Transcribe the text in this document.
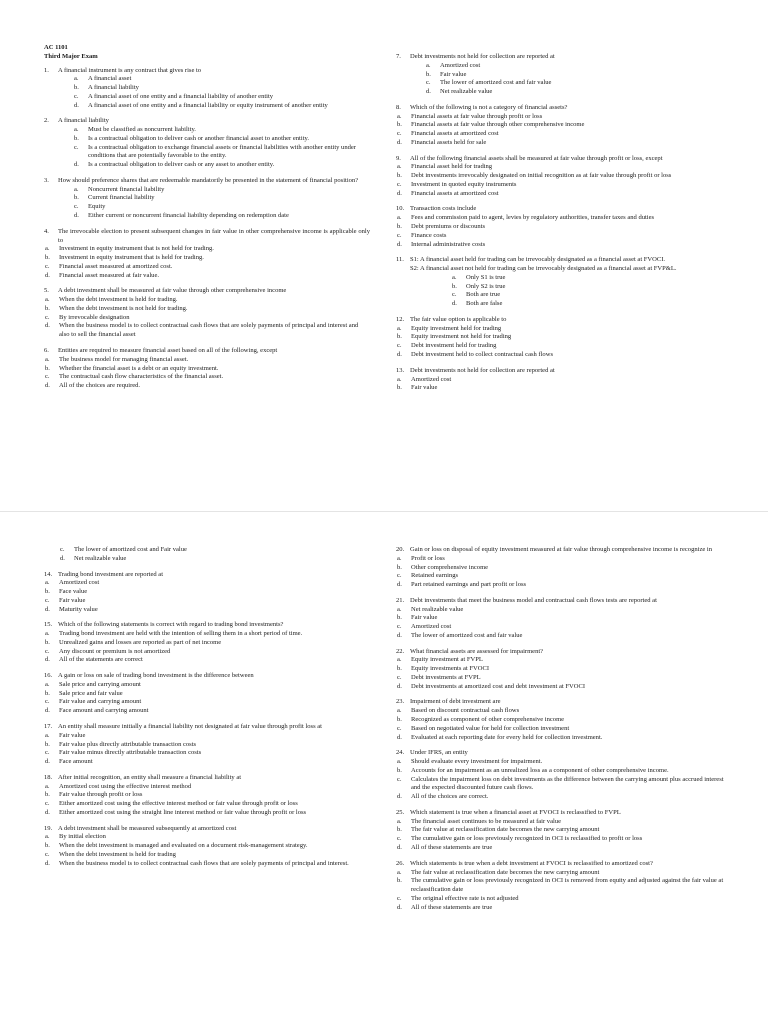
AC 1101
Third Major Exam
1. A financial instrument is any contract that gives rise to
a. A financial asset
b. A financial liability
c. A financial asset of one entity and a financial liability of another entity
d. A financial asset of one entity and a financial liability or equity instrument of another entity
2. A financial liability
a. Must be classified as noncurrent liability.
b. Is a contractual obligation to deliver cash or another financial asset to another entity.
c. Is a contractual obligation to exchange financial assets or financial liabilities with another entity under conditions that are potentially favorable to the entity.
d. Is a contractual obligation to deliver cash or any asset to another entity.
3. How should preference shares that are redeemable mandatorily be presented in the statement of financial position?
a. Noncurrent financial liability
b. Current financial liability
c. Equity
d. Either current or noncurrent financial liability depending on redemption date
4. The irrevocable election to present subsequent changes in fair value in other comprehensive income is applicable only to
a. Investment in equity instrument that is not held for trading.
b. Investment in equity instrument that is held for trading.
c. Financial asset measured at amortized cost.
d. Financial asset measured at fair value.
5. A debt investment shall be measured at fair value through other comprehensive income
a. When the debt investment is held for trading.
b. When the debt investment is not held for trading.
c. By irrevocable designation
d. When the business model is to collect contractual cash flows that are solely payments of principal and interest and also to sell the financial asset
6. Entities are required to measure financial asset based on all of the following, except
a. The business model for managing financial asset.
b. Whether the financial asset is a debt or an equity investment.
c. The contractual cash flow characteristics of the financial asset.
d. All of the choices are required.
7. Debt investments not held for collection are reported at
a. Amortized cost
b. Fair value
c. The lower of amortized cost and fair value
d. Net realizable value
8. Which of the following is not a category of financial assets?
a. Financial assets at fair value through profit or loss
b. Financial assets at fair value through other comprehensive income
c. Financial assets at amortized cost
d. Financial assets held for sale
9. All of the following financial assets shall be measured at fair value through profit or loss, except
a. Financial asset held for trading
b. Debt investments irrevocably designated on initial recognition as at fair value through profit or loss
c. Investment in quoted equity instruments
d. Financial assets at amortized cost
10. Transaction costs include
a. Fees and commission paid to agent, levies by regulatory authorities, transfer taxes and duties
b. Debt premiums or discounts
c. Finance costs
d. Internal administrative costs
11. S1: A financial asset held for trading can be irrevocably designated as a financial asset at FVOCI.
S2: A financial asset not held for trading can be irrevocably designated as a financial asset at FVP&L.
a. Only S1 is true
b. Only S2 is true
c. Both are true
d. Both are false
12. The fair value option is applicable to
a. Equity investment held for trading
b. Equity investment not held for trading
c. Debt investment held for trading
d. Debt investment held to collect contractual cash flows
13. Debt investments not held for collection are reported at
a. Amortized cost
b. Fair value
c. The lower of amortized cost and Fair value
d. Net realizable value
14. Trading bond investment are reported at
a. Amortized cost
b. Face value
c. Fair value
d. Maturity value
15. Which of the following statements is correct with regard to trading bond investments?
a. Trading bond investment are held with the intention of selling them in a short period of time.
b. Unrealized gains and losses are reported as part of net income
c. Any discount or premium is not amortized
d. All of the statements are correct
16. A gain or loss on sale of trading bond investment is the difference between
a. Sale price and carrying amount
b. Sale price and fair value
c. Fair value and carrying amount
d. Face amount and carrying amount
17. An entity shall measure initially a financial liability not designated at fair value through profit loss at
a. Fair value
b. Fair value plus directly attributable transaction costs
c. Fair value minus directly attributable transaction costs
d. Face amount
18. After initial recognition, an entity shall measure a financial liability at
a. Amortized cost using the effective interest method
b. Fair value through profit or loss
c. Either amortized cost using the effective interest method or fair value through profit or loss
d. Either amortized cost using the straight line interest method or fair value through profit or loss
19. A debt investment shall be measured subsequently at amortized cost
a. By initial election
b. When the debt investment is managed and evaluated on a document risk-management strategy.
c. When the debt investment is held for trading
d. When the business model is to collect contractual cash flows that are solely payments of principal and interest.
20. Gain or loss on disposal of equity investment measured at fair value through comprehensive income is recognize in
a. Profit or loss
b. Other comprehensive income
c. Retained earnings
d. Part retained earnings and part profit or loss
21. Debt investments that meet the business model and contractual cash flows tests are reported at
a. Net realizable value
b. Fair value
c. Amortized cost
d. The lower of amortized cost and fair value
22. What financial assets are assessed for impairment?
a. Equity investment at FVPL
b. Equity investments at FVOCI
c. Debt investments at FVPL
d. Debt investments at amortized cost and debt investment at FVOCI
23. Impairment of debt investment are
a. Based on discount contractual cash flows
b. Recognized as component of other comprehensive income
c. Based on negotiated value for held for collection investment
d. Evaluated at each reporting date for every held for collection investment.
24. Under IFRS, an entity
a. Should evaluate every investment for impairment.
b. Accounts for an impairment as an unrealized loss as a component of other comprehensive income.
c. Calculates the impairment loss on debt investments as the difference between the carrying amount plus accrued interest and the expected discounted future cash flows.
d. All of the choices are correct.
25. Which statement is true when a financial asset at FVOCI is reclassified to FVPL
a. The financial asset continues to be measured at fair value
b. The fair value at reclassification date becomes the new carrying amount
c. The cumulative gain or loss previously recognized in OCI is reclassified to profit or loss
d. All of these statements are true
26. Which statements is true when a debt investment at FVOCI is reclassified to amortized cost?
a. The fair value at reclassification date becomes the new carrying amount
b. The cumulative gain or loss previously recognized in OCI is removed from equity and adjusted against the fair value at reclassification date
c. The original effective rate is not adjusted
d. All of these statements are true
